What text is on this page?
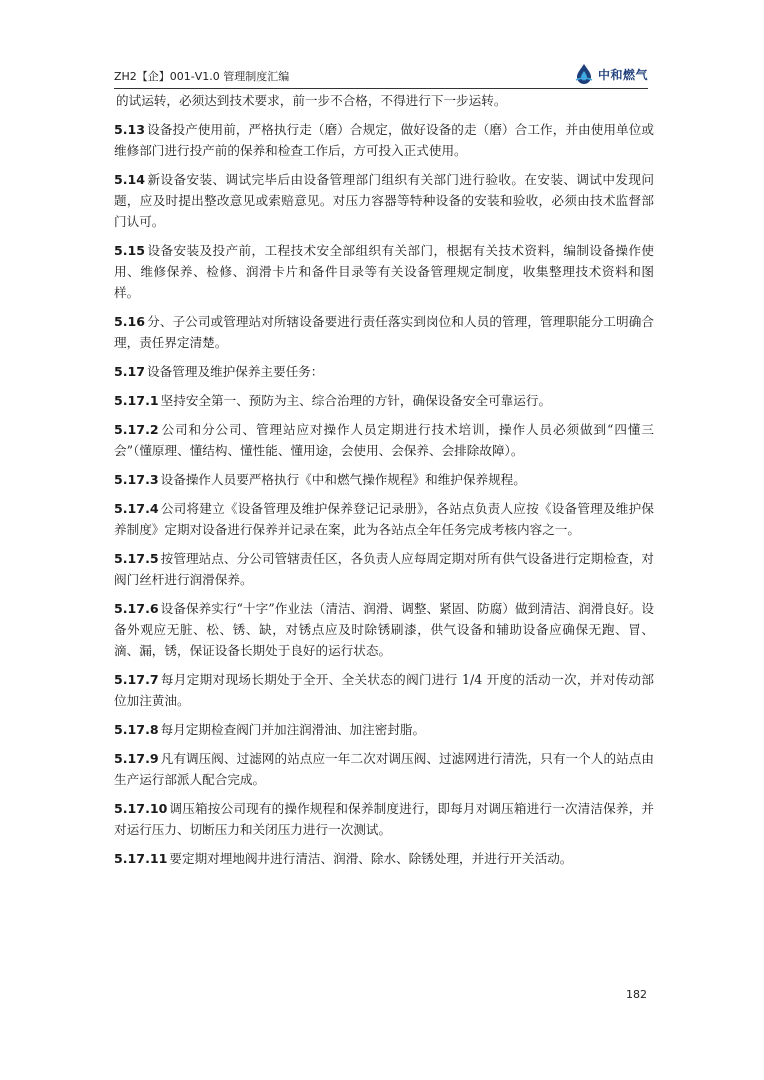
ZH2【企】001-V1.0 管理制度汇编	中和燃气

的试运转，必须达到技术要求，前一步不合格，不得进行下一步运转。

5.13 设备投产使用前，严格执行走（磨）合规定，做好设备的走（磨）合工作，并由使用单位或维修部门进行投产前的保养和检查工作后，方可投入正式使用。

5.14 新设备安装、调试完毕后由设备管理部门组织有关部门进行验收。在安装、调试中发现问题，应及时提出整改意见或索赔意见。对压力容器等特种设备的安装和验收，必须由技术监督部门认可。

5.15 设备安装及投产前，工程技术安全部组织有关部门，根据有关技术资料，编制设备操作使用、维修保养、检修、润滑卡片和备件目录等有关设备管理规定制度，收集整理技术资料和图样。

5.16 分、子公司或管理站对所辖设备要进行责任落实到岗位和人员的管理，管理职能分工明确合理，责任界定清楚。

5.17 设备管理及维护保养主要任务：

5.17.1 坚持安全第一、预防为主、综合治理的方针，确保设备安全可靠运行。

5.17.2 公司和分公司、管理站应对操作人员定期进行技术培训，操作人员必须做到“四懂三会”（懂原理、懂结构、懂性能、懂用途，会使用、会保养、会排除故障）。

5.17.3 设备操作人员要严格执行《中和燃气操作规程》和维护保养规程。

5.17.4 公司将建立《设备管理及维护保养登记记录册》，各站点负责人应按《设备管理及维护保养制度》定期对设备进行保养并记录在案，此为各站点全年任务完成考核内容之一。

5.17.5 按管理站点、分公司管辖责任区，各负责人应每周定期对所有供气设备进行定期检查，对阀门丝杆进行润滑保养。

5.17.6 设备保养实行“十字”作业法（清洁、润滑、调整、紧固、防腐）做到清洁、润滑良好。设备外观应无脏、松、锈、缺，对锈点应及时除锈刷漆，供气设备和辅助设备应确保无跑、冒、滴、漏，锈，保证设备长期处于良好的运行状态。

5.17.7 每月定期对现场长期处于全开、全关状态的阀门进行 1/4 开度的活动一次，并对传动部位加注黄油。

5.17.8 每月定期检查阀门并加注润滑油、加注密封脂。

5.17.9 凡有调压阀、过滤网的站点应一年二次对调压阀、过滤网进行清洗，只有一个人的站点由生产运行部派人配合完成。

5.17.10 调压箱按公司现有的操作规程和保养制度进行，即每月对调压箱进行一次清洁保养，并对运行压力、切断压力和关闭压力进行一次测试。

5.17.11 要定期对埋地阀井进行清洁、润滑、除水、除锈处理，并进行开关活动。

182
